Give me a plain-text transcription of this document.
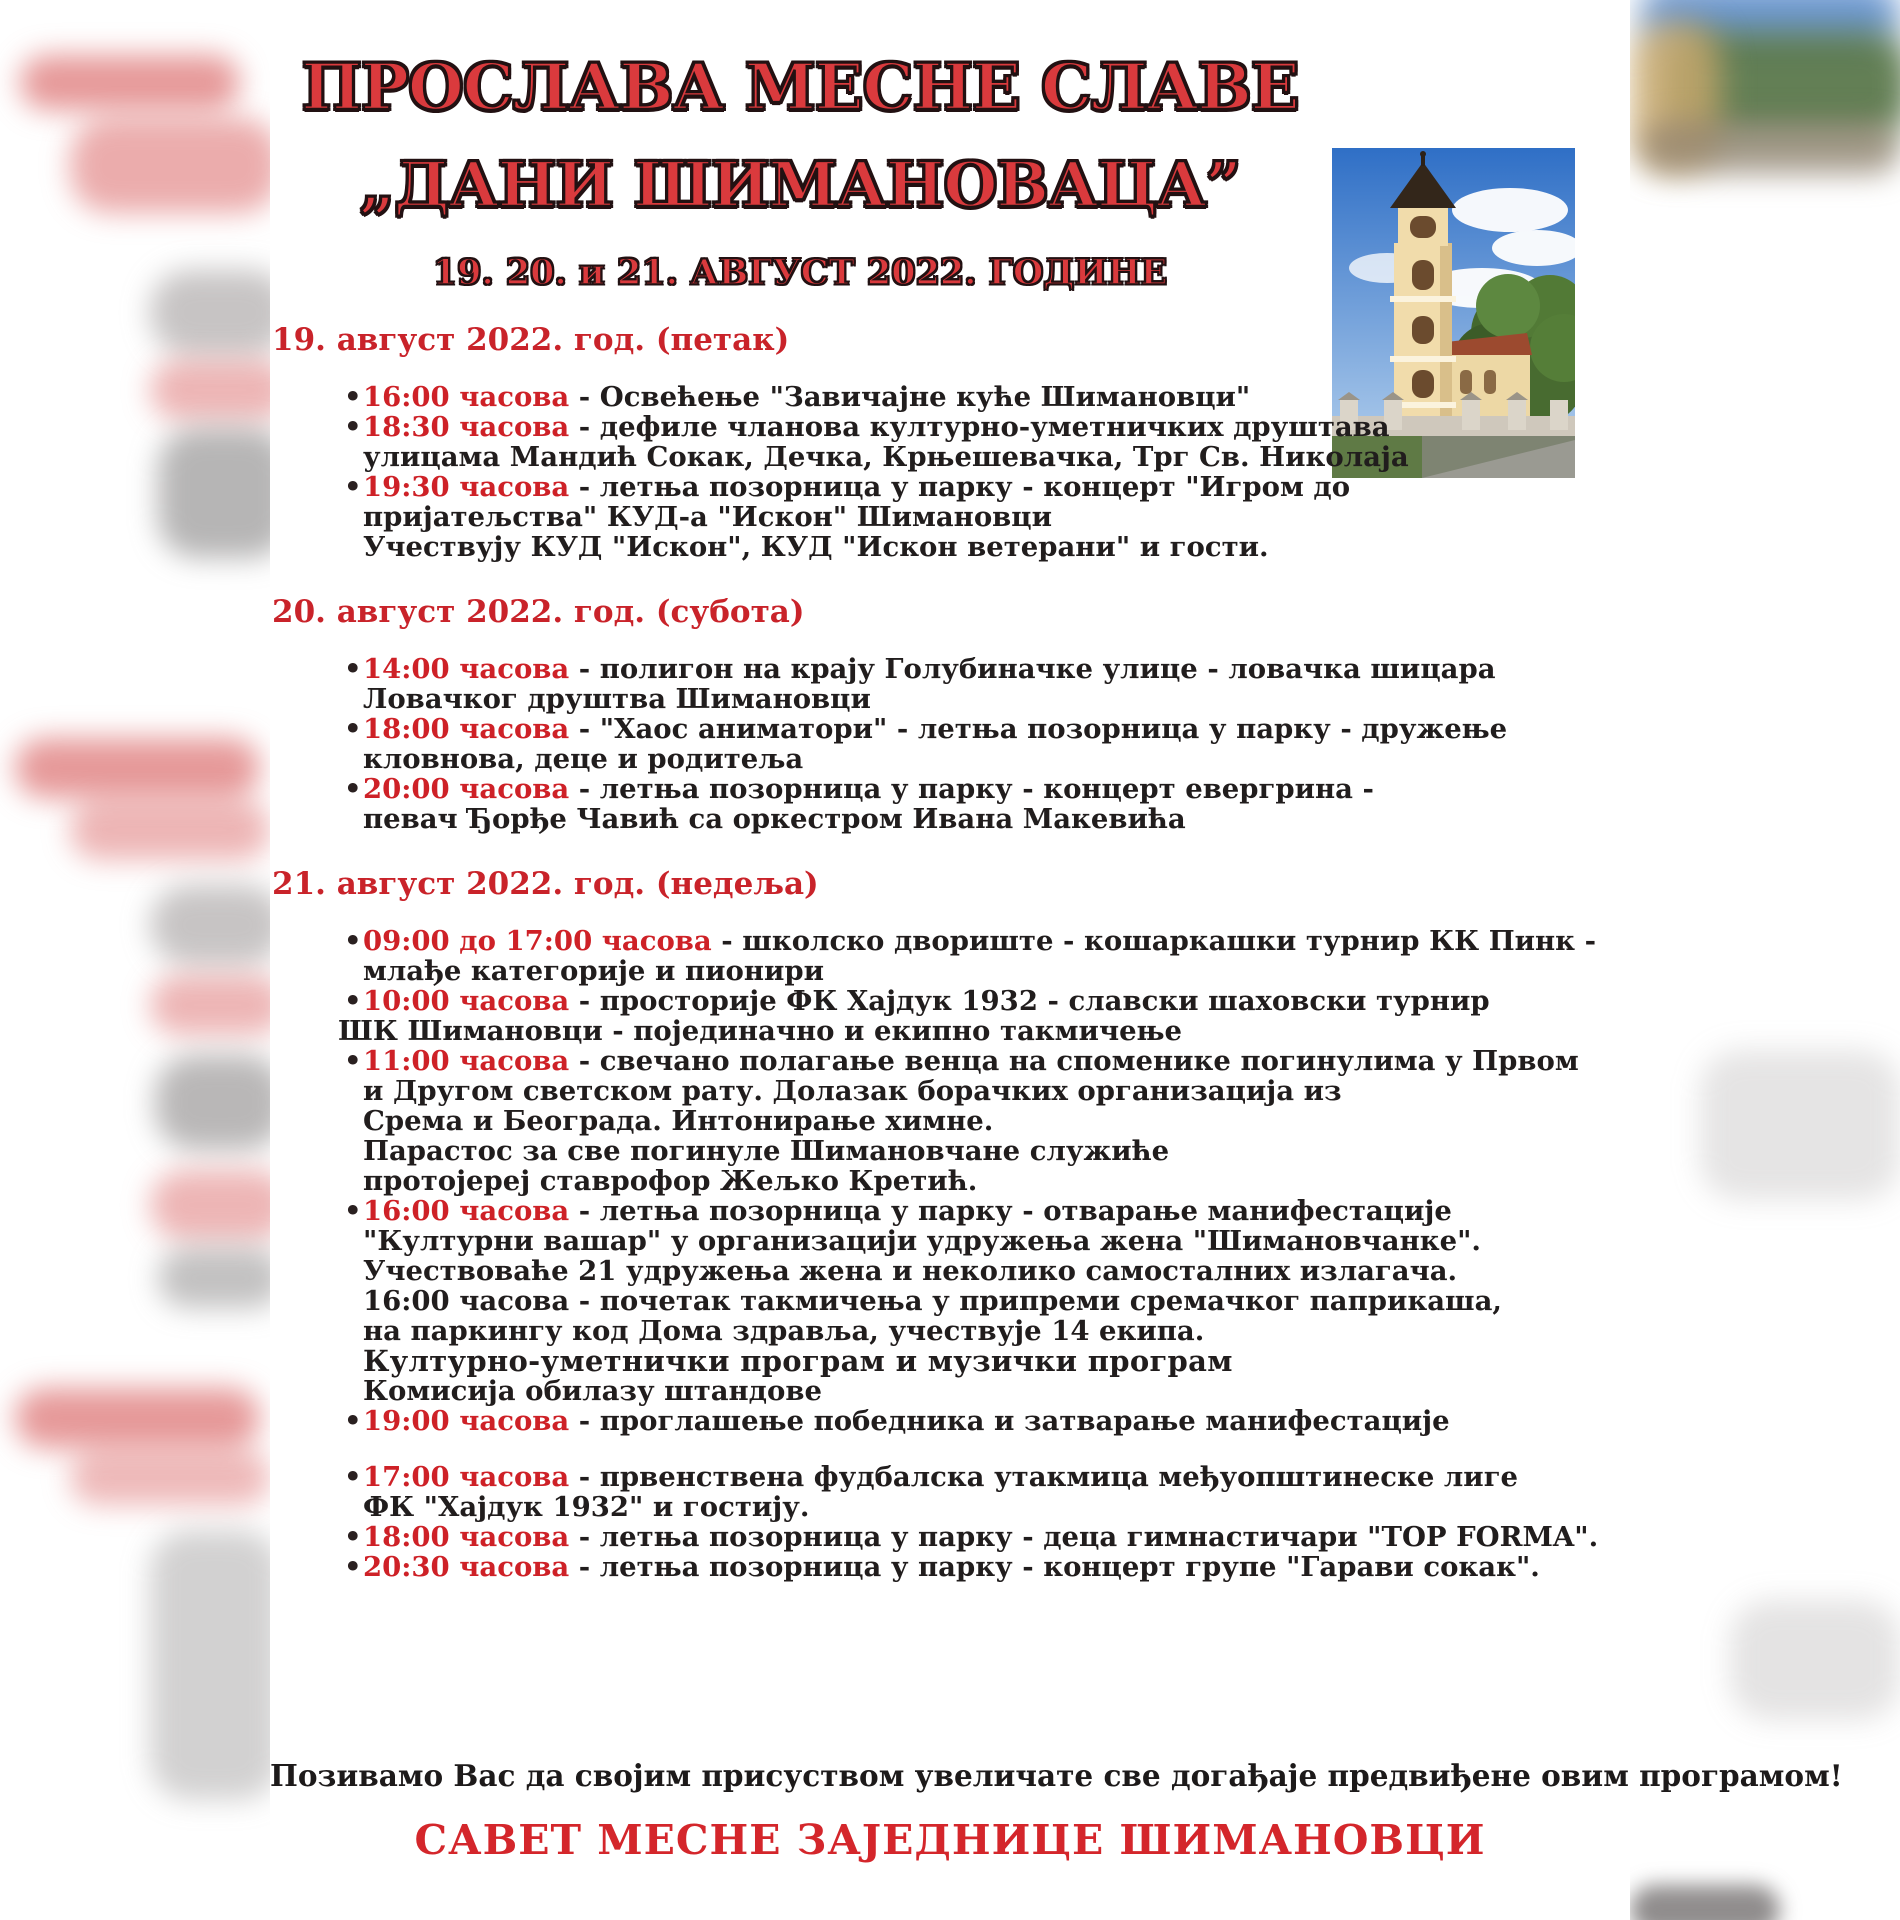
ПРОСЛАВА МЕСНЕ СЛАВЕ
„ДАНИ ШИМАНОВАЦА”
19. 20. и 21. АВГУСТ 2022. ГОДИНЕ
19. август 2022. год. (петак)
• 16:00 часова - Освећење "Завичајне куће Шимановци"
• 18:30 часова - дефиле чланова културно-уметничких друштава
улицама Мандић Сокак, Дечка, Крњешевачка, Трг Св. Николаја
• 19:30 часова - летња позорница у парку - концерт "Игром до
пријатељства" КУД-а "Искон" Шимановци
Учествују КУД "Искон", КУД "Искон ветерани" и гости.
20. август 2022. год. (субота)
• 14:00 часова - полигон на крају Голубиначке улице - ловачка шицара
Ловачког друштва Шимановци
• 18:00 часова - "Хаос аниматори" - летња позорница у парку - дружење
кловнова, деце и родитеља
• 20:00 часова - летња позорница у парку - концерт евергрина -
певач Ђорђе Чавић са оркестром Ивана Макевића
21. август 2022. год. (недеља)
• 09:00 до 17:00 часова - школско двориште - кошаркашки турнир КК Пинк -
млађе категорије и пионири
• 10:00 часова - просторије ФК Хајдук 1932 - славски шаховски турнир
ШК Шимановци - појединачно и екипно такмичење
• 11:00 часова - свечано полагање венца на споменике погинулима у Првом
и Другом светском рату. Долазак борачких организација из
Срема и Београда. Интонирање химне.
Парастос за све погинуле Шимановчане служиће
протојереј ставрофор Жељко Кретић.
• 16:00 часова - летња позорница у парку - отварање манифестације
"Културни вашар" у организацији удружења жена "Шимановчанке".
Учествоваће 21 удружења жена и неколико самосталних излагача.
16:00 часова - почетак такмичења у припреми сремачког паприкаша,
на паркингу код Дома здравља, учествује 14 екипа.
Културно-уметнички програм и музички програм
Комисија обилазу штандове
• 19:00 часова - проглашење победника и затварање манифестације
• 17:00 часова - првенствена фудбалска утакмица међуопштинеске лиге
ФК "Хајдук 1932" и гостију.
• 18:00 часова - летња позорница у парку - деца гимнастичари "TOP FORMA".
• 20:30 часова - летња позорница у парку - концерт групе "Гарави сокак".
Позивамо Вас да својим присуством увеличате све догађаје предвиђене овим програмом!
САВЕТ МЕСНЕ ЗАЈЕДНИЦЕ ШИМАНОВЦИ
